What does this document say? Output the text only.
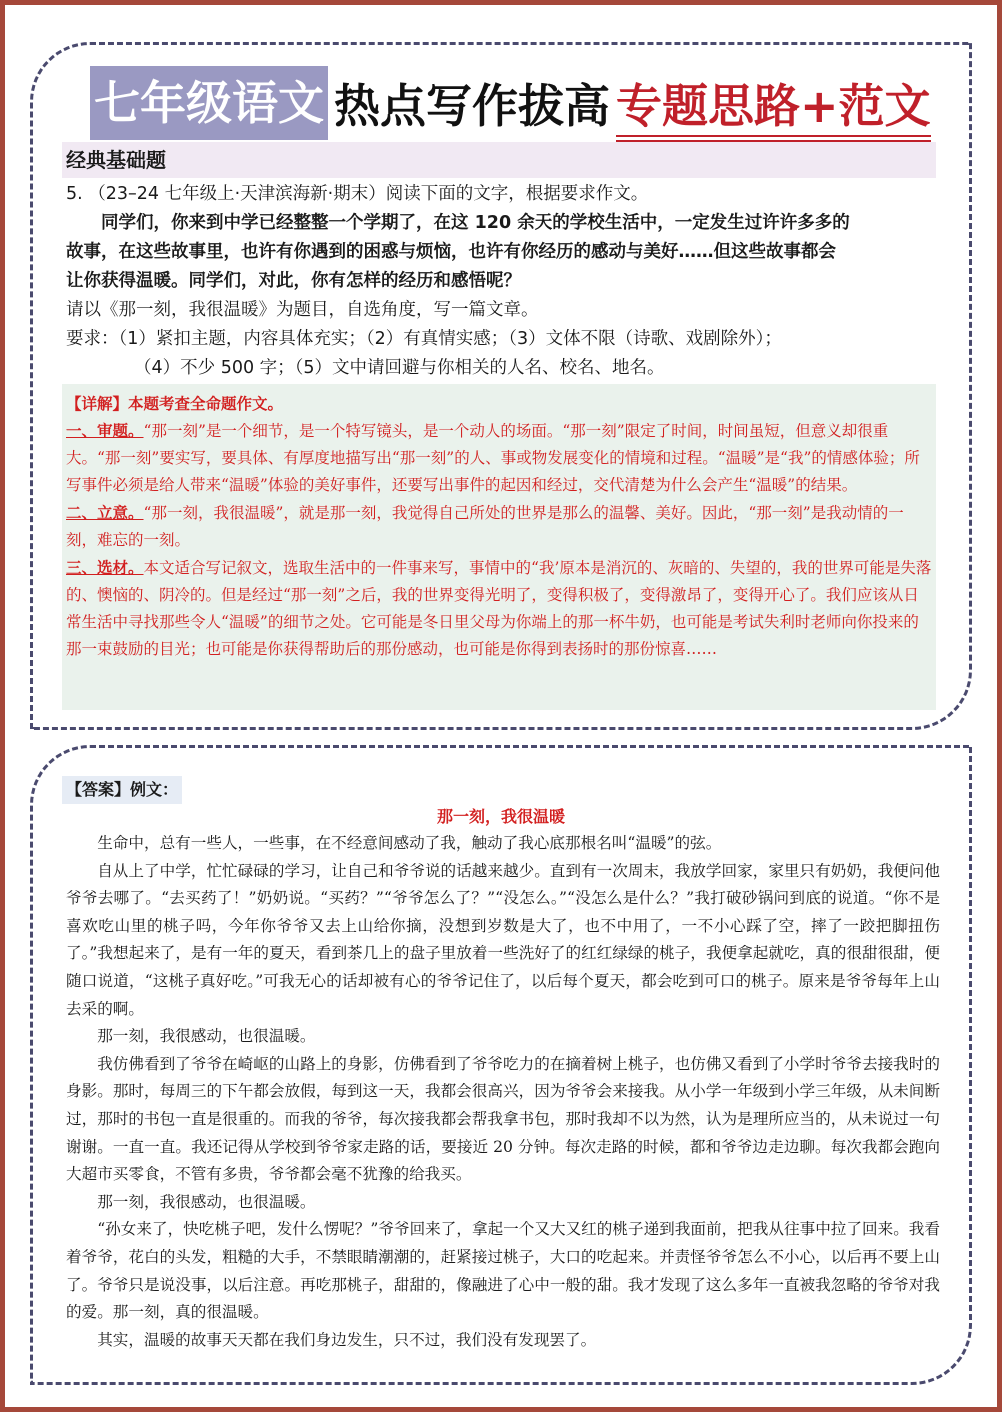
七年级语文 热点写作拔高 专题思路+范文
经典基础题
5. （23–24 七年级上·天津滨海新·期末）阅读下面的文字，根据要求作文。
同学们，你来到中学已经整整一个学期了，在这 120 余天的学校生活中，一定发生过许许多多的
故事，在这些故事里，也许有你遇到的困惑与烦恼，也许有你经历的感动与美好……但这些故事都会
让你获得温暖。同学们，对此，你有怎样的经历和感悟呢？
请以《那一刻，我很温暖》为题目，自选角度，写一篇文章。
要求：（1）紧扣主题，内容具体充实；（2）有真情实感；（3）文体不限（诗歌、戏剧除外）；
（4）不少 500 字；（5）文中请回避与你相关的人名、校名、地名。

【详解】本题考查全命题作文。

一、审题。“那一刻”是一个细节，是一个特写镜头，是一个动人的场面。“那一刻”限定了时间，时间虽短，但意义却很重大。“那一刻”要实写，要具体、有厚度地描写出“那一刻”的人、事或物发展变化的情境和过程。“温暖”是“我”的情感体验；所写事件必须是给人带来“温暖”体验的美好事件，还要写出事件的起因和经过，交代清楚为什么会产生“温暖”的结果。

二、立意。“那一刻，我很温暖”，就是那一刻，我觉得自己所处的世界是那么的温馨、美好。因此，“那一刻”是我动情的一刻，难忘的一刻。

三、选材。本文适合写记叙文，选取生活中的一件事来写，事情中的“我’原本是消沉的、灰暗的、失望的，我的世界可能是失落的、懊恼的、阴冷的。但是经过“那一刻”之后，我的世界变得光明了，变得积极了，变得激昂了，变得开心了。我们应该从日常生活中寻找那些令人“温暖”的细节之处。它可能是冬日里父母为你端上的那一杯牛奶，也可能是考试失利时老师向你投来的那一束鼓励的目光；也可能是你获得帮助后的那份感动，也可能是你得到表扬时的那份惊喜……

【答案】例文：
那一刻，我很温暖

生命中，总有一些人，一些事，在不经意间感动了我，触动了我心底那根名叫“温暖”的弦。

自从上了中学，忙忙碌碌的学习，让自己和爷爷说的话越来越少。直到有一次周末，我放学回家，家里只有奶奶，我便问他爷爷去哪了。“去买药了！”奶奶说。“买药？”“爷爷怎么了？”“没怎么。”“没怎么是什么？”我打破砂锅问到底的说道。“你不是喜欢吃山里的桃子吗，今年你爷爷又去上山给你摘，没想到岁数是大了，也不中用了，一不小心踩了空，摔了一跤把脚扭伤了。”我想起来了，是有一年的夏天，看到茶几上的盘子里放着一些洗好了的红红绿绿的桃子，我便拿起就吃，真的很甜很甜，便随口说道，“这桃子真好吃。”可我无心的话却被有心的爷爷记住了，以后每个夏天，都会吃到可口的桃子。原来是爷爷每年上山去采的啊。

那一刻，我很感动，也很温暖。

我仿佛看到了爷爷在崎岖的山路上的身影，仿佛看到了爷爷吃力的在摘着树上桃子，也仿佛又看到了小学时爷爷去接我时的身影。那时，每周三的下午都会放假，每到这一天，我都会很高兴，因为爷爷会来接我。从小学一年级到小学三年级，从未间断过，那时的书包一直是很重的。而我的爷爷，每次接我都会帮我拿书包，那时我却不以为然，认为是理所应当的，从未说过一句谢谢。一直一直。我还记得从学校到爷爷家走路的话，要接近 20 分钟。每次走路的时候，都和爷爷边走边聊。每次我都会跑向大超市买零食，不管有多贵，爷爷都会毫不犹豫的给我买。

那一刻，我很感动，也很温暖。

“孙女来了，快吃桃子吧，发什么愣呢？”爷爷回来了，拿起一个又大又红的桃子递到我面前，把我从往事中拉了回来。我看着爷爷，花白的头发，粗糙的大手，不禁眼睛潮潮的，赶紧接过桃子，大口的吃起来。并责怪爷爷怎么不小心，以后再不要上山了。爷爷只是说没事，以后注意。再吃那桃子，甜甜的，像融进了心中一般的甜。我才发现了这么多年一直被我忽略的爷爷对我的爱。那一刻，真的很温暖。

其实，温暖的故事天天都在我们身边发生，只不过，我们没有发现罢了。
